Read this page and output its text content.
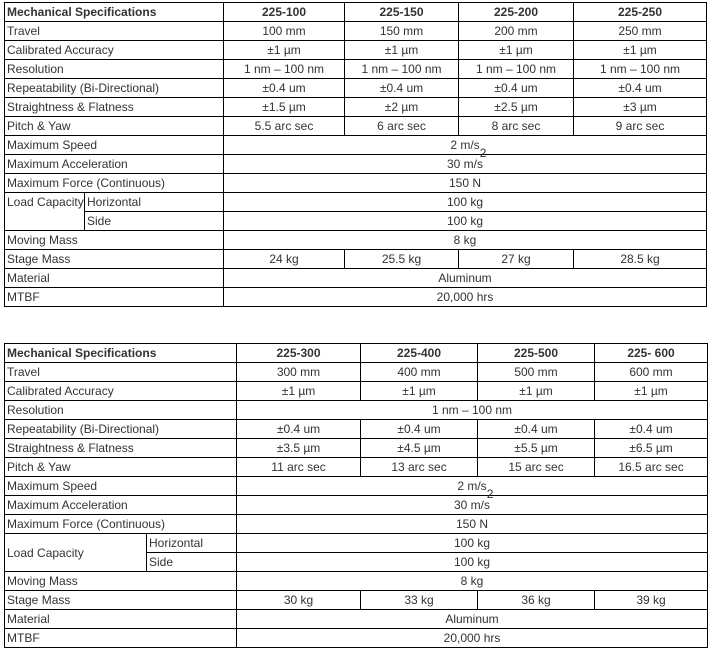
Mechanical Specifications		225-100	225-150	225-200	225-250
Travel		100 mm	150 mm	200 mm	250 mm
Calibrated Accuracy		±1 µm	±1 µm	±1 µm	±1 µm
Resolution		1 nm – 100 nm	1 nm – 100 nm	1 nm – 100 nm	1 nm – 100 nm
Repeatability (Bi-Directional)		±0.4 um	±0.4 um	±0.4 um	±0.4 um
Straightness & Flatness		±1.5 µm	±2 µm	±2.5 µm	±3 µm
Pitch & Yaw		5.5 arc sec	6 arc sec	8 arc sec	9 arc sec
Maximum Speed		2 m/s
2			

Maximum Acceleration		30 m/s			
Maximum Force (Continuous)		150 N			
Load Capacity	Horizontal	100 kg			
	Side	100 kg			
Moving Mass		8 kg			
Stage Mass		24 kg	25.5 kg	27 kg	28.5 kg
Material		Aluminum			
MTBF		20,000 hrs			
Mechanical Specifications		225-300	225-400	225-500	225- 600
Travel		300 mm	400 mm	500 mm	600 mm
Calibrated Accuracy		±1 µm	±1 µm	±1 µm	±1 µm
Resolution		1 nm – 100 nm			
Repeatability (Bi-Directional)		±0.4 um	±0.4 um	±0.4 um	±0.4 um
Straightness & Flatness		±3.5 µm	±4.5 µm	±5.5 µm	±6.5 µm
Pitch & Yaw		11 arc sec	13 arc sec	15 arc sec	16.5 arc sec
Maximum Speed		2 m/s
2			

Maximum Acceleration		30 m/s			
Maximum Force (Continuous)		150 N			
Load Capacity	Horizontal	100 kg			
	Side	100 kg			
Moving Mass		8 kg			
Stage Mass		30 kg	33 kg	36 kg	39 kg
Material		Aluminum			
MTBF		20,000 hrs			
